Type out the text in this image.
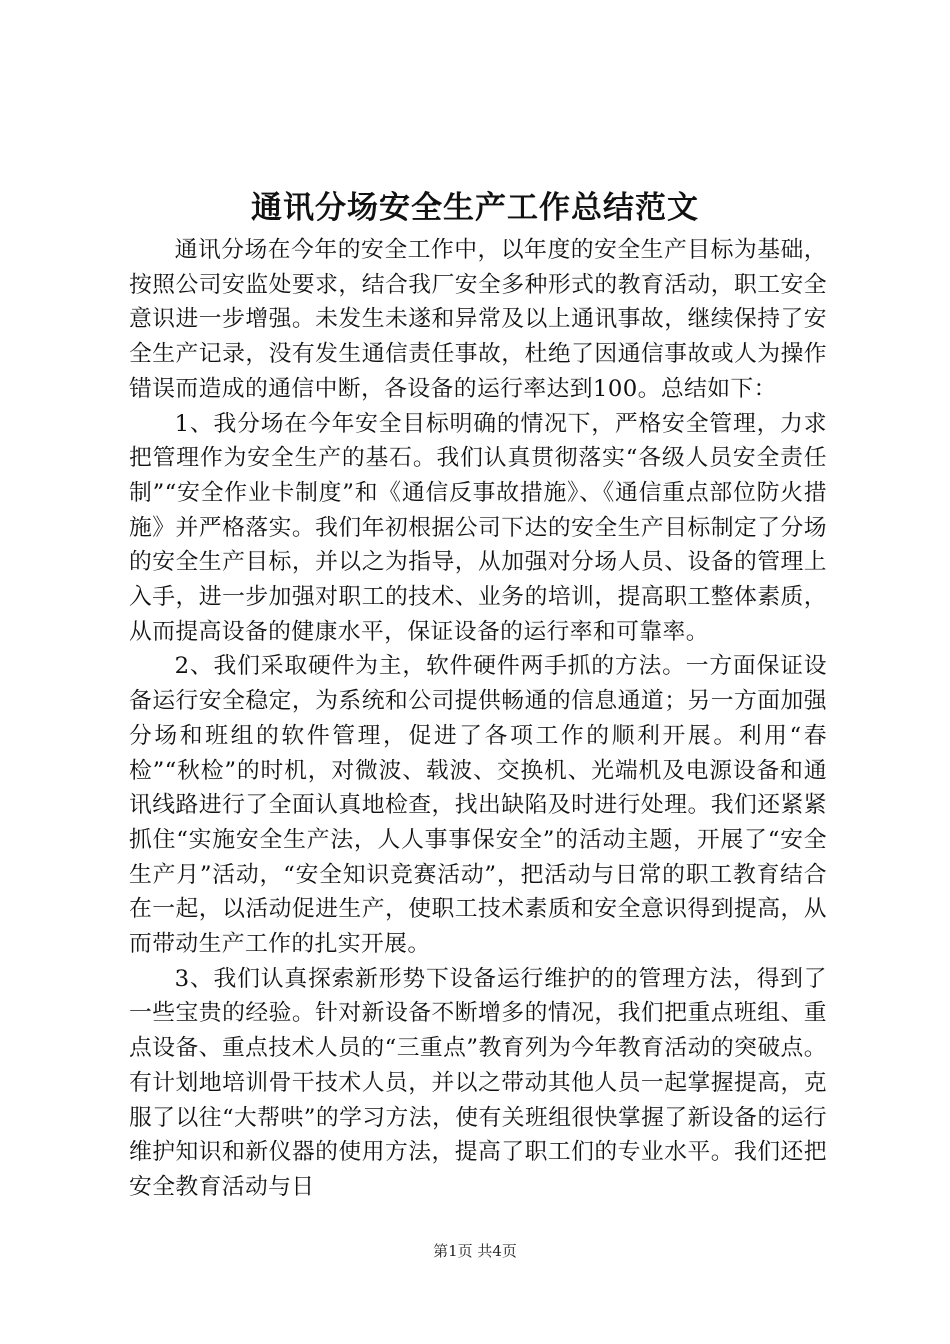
通讯分场安全生产工作总结范文

通讯分场在今年的安全工作中，以年度的安全生产目标为基础，按照公司安监处要求，结合我厂安全多种形式的教育活动，职工安全意识进一步增强。未发生未遂和异常及以上通讯事故，继续保持了安全生产记录，没有发生通信责任事故，杜绝了因通信事故或人为操作错误而造成的通信中断，各设备的运行率达到100。总结如下：

1、我分场在今年安全目标明确的情况下，严格安全管理，力求把管理作为安全生产的基石。我们认真贯彻落实“各级人员安全责任制”“安全作业卡制度”和《通信反事故措施》、《通信重点部位防火措施》并严格落实。我们年初根据公司下达的安全生产目标制定了分场的安全生产目标，并以之为指导，从加强对分场人员、设备的管理上入手，进一步加强对职工的技术、业务的培训，提高职工整体素质，从而提高设备的健康水平，保证设备的运行率和可靠率。

2、我们采取硬件为主，软件硬件两手抓的方法。一方面保证设备运行安全稳定，为系统和公司提供畅通的信息通道；另一方面加强分场和班组的软件管理，促进了各项工作的顺利开展。利用“春检”“秋检”的时机，对微波、载波、交换机、光端机及电源设备和通讯线路进行了全面认真地检查，找出缺陷及时进行处理。我们还紧紧抓住“实施安全生产法，人人事事保安全”的活动主题，开展了“安全生产月”活动，“安全知识竞赛活动”，把活动与日常的职工教育结合在一起，以活动促进生产，使职工技术素质和安全意识得到提高，从而带动生产工作的扎实开展。

3、我们认真探索新形势下设备运行维护的的管理方法，得到了一些宝贵的经验。针对新设备不断增多的情况，我们把重点班组、重点设备、重点技术人员的“三重点”教育列为今年教育活动的突破点。有计划地培训骨干技术人员，并以之带动其他人员一起掌握提高，克服了以往“大帮哄”的学习方法，使有关班组很快掌握了新设备的运行维护知识和新仪器的使用方法，提高了职工们的专业水平。我们还把安全教育活动与日

第1页 共4页
